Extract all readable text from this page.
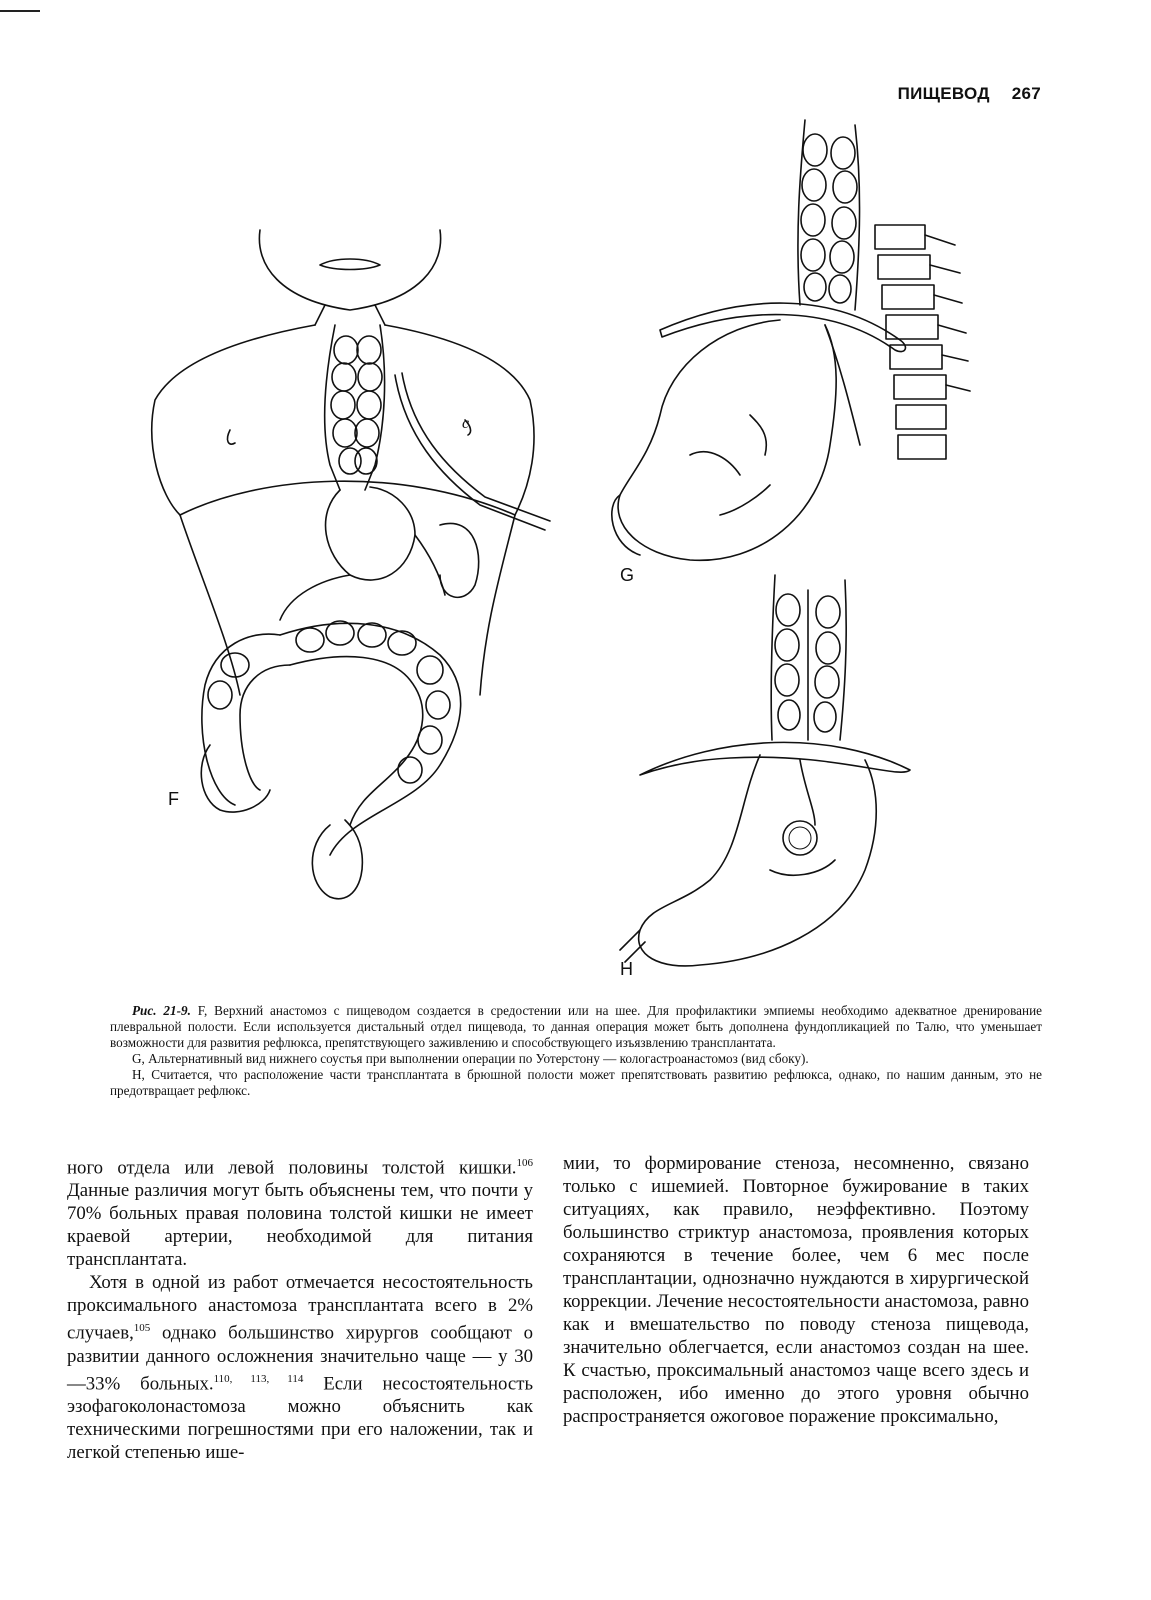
ПИЩЕВОД 267
F
c
G
H

Рис. 21-9. F, Верхний анастомоз с пищеводом создается в средостении или на шее. Для профилактики эмпиемы необходимо адекватное дренирование плевральной полости. Если используется дистальный отдел пищевода, то данная операция может быть дополнена фундопликацией по Талю, что уменьшает возможности для развития рефлюкса, препятствующего заживлению и способствующего изъязвлению трансплантата.

G, Альтернативный вид нижнего соустья при выполнении операции по Уотерстону — кологастроанастомоз (вид сбоку).

H, Считается, что расположение части трансплантата в брюшной полости может препятствовать развитию рефлюкса, однако, по нашим данным, это не предотвращает рефлюкс.

ного отдела или левой половины толстой кишки.$^{106}$ Данные различия могут быть объяснены тем, что почти у 70% больных правая половина толстой кишки не имеет краевой артерии, необходимой для питания трансплантата.

Хотя в одной из работ отмечается несостоятельность проксимального анастомоза трансплантата всего в 2% случаев,$^{105}$ однако большинство хирургов сообщают о развитии данного осложнения значительно чаще — у 30—33% больных.$^{110, 113, 114}$ Если несостоятельность эзофагоколонастомоза можно объяснить как техническими погрешностями при его наложении, так и легкой степенью ише-

мии, то формирование стеноза, несомненно, связано только с ишемией. Повторное бужирование в таких ситуациях, как правило, неэффективно. Поэтому большинство стриктур анастомоза, проявления которых сохраняются в течение более, чем 6 мес после трансплантации, однозначно нуждаются в хирургической коррекции. Лечение несостоятельности анастомоза, равно как и вмешательство по поводу стеноза пищевода, значительно облегчается, если анастомоз создан на шее. К счастью, проксимальный анастомоз чаще всего здесь и расположен, ибо именно до этого уровня обычно распространяется ожоговое поражение проксимально,
